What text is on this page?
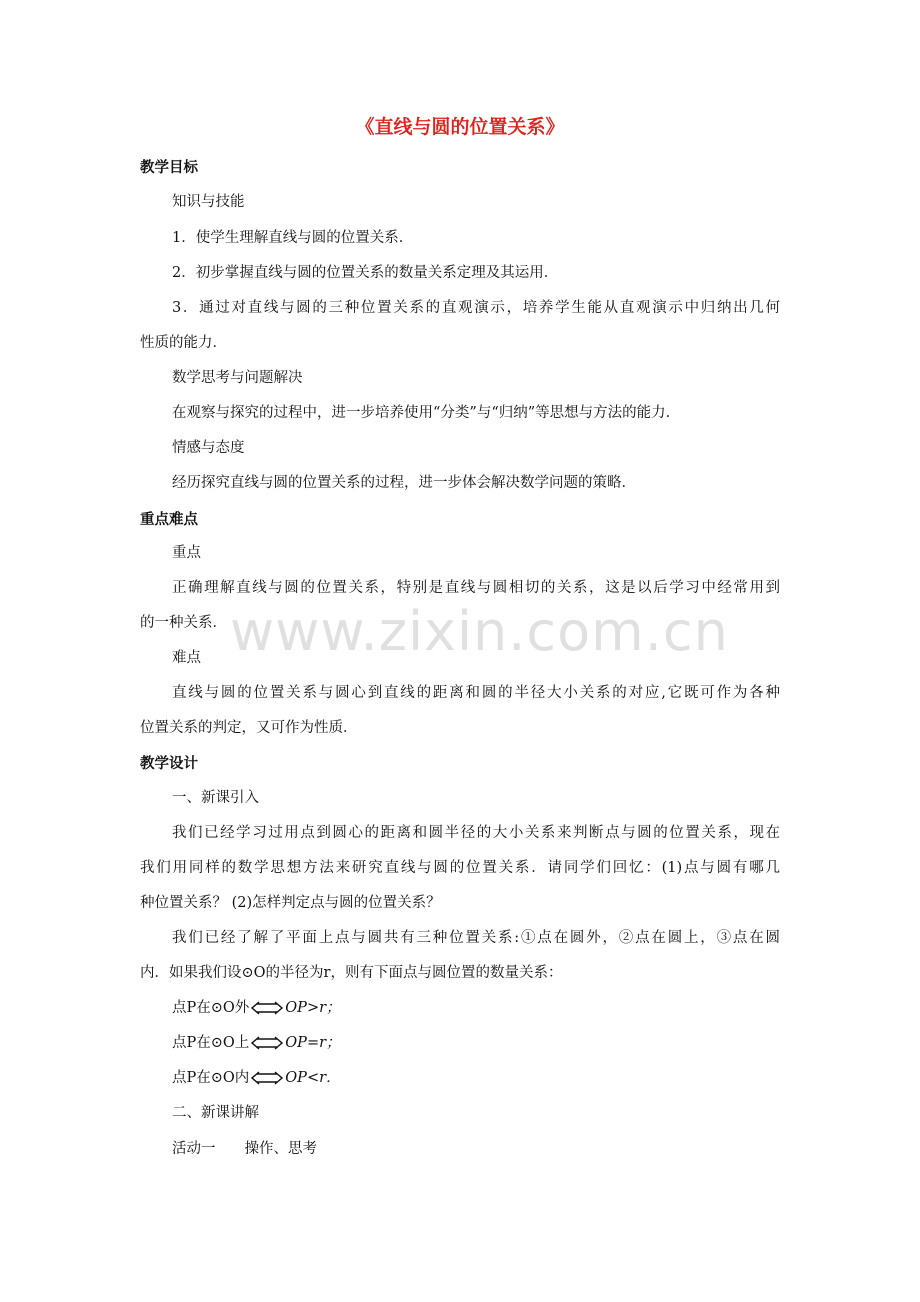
www.zixin.com.cn
《直线与圆的位置关系》
教学目标
知识与技能
1．使学生理解直线与圆的位置关系．
2．初步掌握直线与圆的位置关系的数量关系定理及其运用．
3．通过对直线与圆的三种位置关系的直观演示，培养学生能从直观演示中归纳出几何
性质的能力．
数学思考与问题解决
在观察与探究的过程中，进一步培养使用“分类”与“归纳”等思想与方法的能力．
情感与态度
经历探究直线与圆的位置关系的过程，进一步体会解决数学问题的策略．
重点难点
重点
正确理解直线与圆的位置关系，特别是直线与圆相切的关系，这是以后学习中经常用到
的一种关系．
难点
直线与圆的位置关系与圆心到直线的距离和圆的半径大小关系的对应,它既可作为各种
位置关系的判定，又可作为性质．
教学设计
一、新课引入
我们已经学习过用点到圆心的距离和圆半径的大小关系来判断点与圆的位置关系，现在
我们用同样的数学思想方法来研究直线与圆的位置关系．请同学们回忆：(1)点与圆有哪几
种位置关系？ (2)怎样判定点与圆的位置关系？
我们已经了解了平面上点与圆共有三种位置关系:①点在圆外，②点在圆上，③点在圆
内．如果我们设⊙O的半径为r，则有下面点与圆位置的数量关系：
点P在⊙O外 OP>r；
点P在⊙O上 OP=r；
点P在⊙O内 OP<r．
二、新课讲解
活动一　　操作、思考
